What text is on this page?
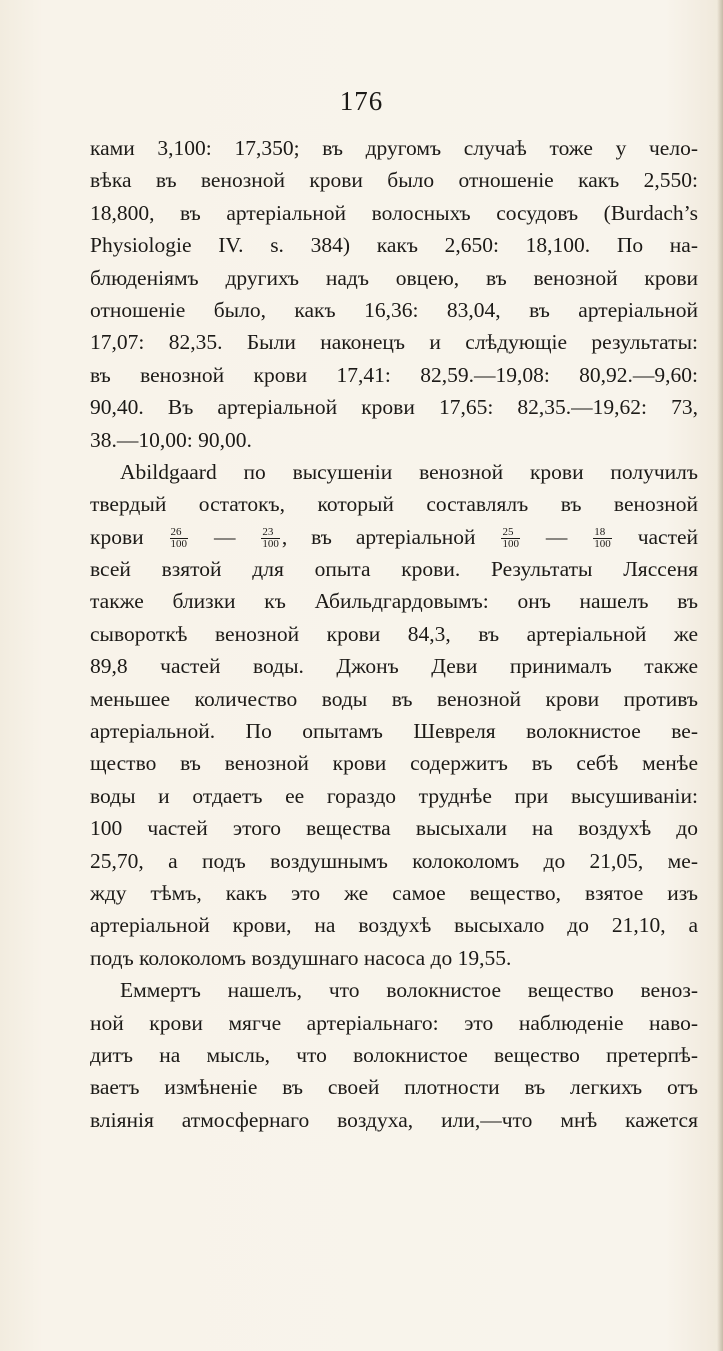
176
ками 3,100: 17,350; въ другомъ случаѣ тоже у чело-
вѣка въ венозной крови было отношеніе какъ 2,550:
18,800, въ артеріальной волосныхъ сосудовъ (Burdach’s
Physiologie IV. s. 384) какъ 2,650: 18,100. По на-
блюденіямъ другихъ надъ овцею, въ венозной крови
отношеніе было, какъ 16,36: 83,04, въ артеріальной
17,07: 82,35. Были наконецъ и слѣдующіе результаты:
въ венозной крови 17,41: 82,59.—19,08: 80,92.—9,60:
90,40. Въ артеріальной крови 17,65: 82,35.—19,62: 73,
38.—10,00: 90,00.
Abildgaard по высушеніи венозной крови получилъ
твердый остатокъ, который составлялъ въ венозной
крови $\frac{26}{100}$ — $\frac{23}{100}$ , въ артеріальной $\frac{25}{100}$ — $\frac{18}{100}$ частей
всей взятой для опыта крови. Результаты Ляссеня
также близки къ Абильдгардовымъ: онъ нашелъ въ
сывороткѣ венозной крови 84,3, въ артеріальной же
89,8 частей воды. Джонъ Деви принималъ также
меньшее количество воды въ венозной крови противъ
артеріальной. По опытамъ Шевреля волокнистое ве-
щество въ венозной крови содержитъ въ себѣ менѣе
воды и отдаетъ ее гораздо труднѣе при высушиваніи:
100 частей этого вещества высыхали на воздухѣ до
25,70, а подъ воздушнымъ колоколомъ до 21,05, ме-
жду тѣмъ, какъ это же самое вещество, взятое изъ
артеріальной крови, на воздухѣ высыхало до 21,10, а
подъ колоколомъ воздушнаго насоса до 19,55.
Еммертъ нашелъ, что волокнистое вещество веноз-
ной крови мягче артеріальнаго: это наблюденіе наво-
дитъ на мысль, что волокнистое вещество претерпѣ-
ваетъ измѣненіе въ своей плотности въ легкихъ отъ
вліянія атмосфернаго воздуха, или,—что мнѣ кажется
